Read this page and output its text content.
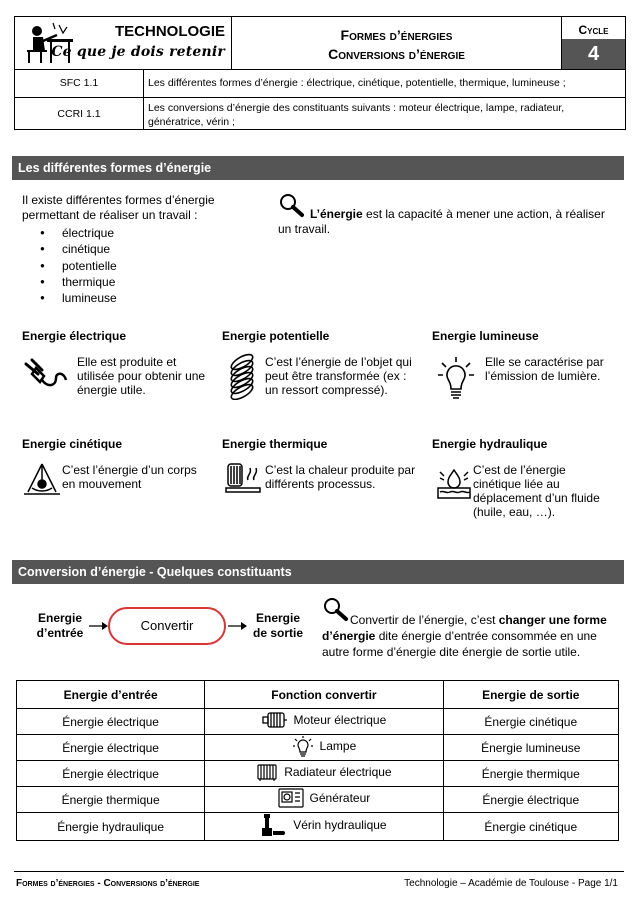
TECHNOLOGIE
Ce que je dois retenir
Formes d’énergies
Conversions d’énergie
Cycle
4
SFC 1.1	Les différentes formes d’énergie : électrique, cinétique, potentielle, thermique, lumineuse ;
CCRI 1.1	Les conversions d’énergie des constituants suivants : moteur électrique, lampe, radiateur, génératrice, vérin ;
Les différentes formes d’énergie
Il existe différentes formes d’énergie permettant de réaliser un travail :
● électrique
● cinétique
● potentielle
● thermique
● lumineuse
L’énergie est la capacité à mener une action, à réaliser un travail.
Energie électrique
Elle est produite et utilisée pour obtenir une énergie utile.
Energie potentielle
C’est l’énergie de l’objet qui peut être transformée (ex : un ressort compressé).
Energie lumineuse
Elle se caractérise par l’émission de lumière.
Energie cinétique
C’est l’énergie d’un corps en mouvement
Energie thermique
C’est la chaleur produite par différents processus.
Energie hydraulique
C’est de l’énergie cinétique liée au déplacement d’un fluide (huile, eau, …).
Conversion d’énergie - Quelques constituants
Energie d’entrée	Convertir	Energie de sortie
Convertir de l’énergie, c’est changer une forme d’énergie dite énergie d’entrée consommée en une autre forme d’énergie dite énergie de sortie utile.
Energie d’entrée	Fonction convertir	Energie de sortie
Énergie électrique	Moteur électrique	Énergie cinétique
Énergie électrique	Lampe	Énergie lumineuse
Énergie électrique	Radiateur électrique	Énergie thermique
Énergie thermique	Générateur	Énergie électrique
Énergie hydraulique	Vérin hydraulique	Énergie cinétique
Formes d’énergies - Conversions d’énergie	Technologie – Académie de Toulouse - Page 1/1
